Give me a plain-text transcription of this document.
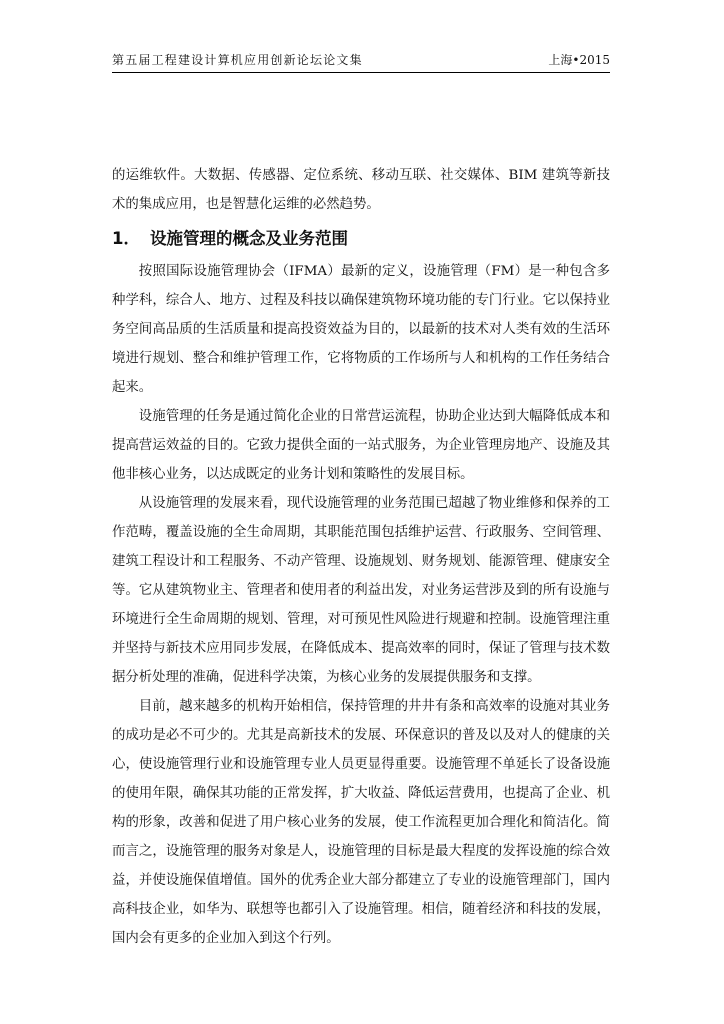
第五届工程建设计算机应用创新论坛论文集	上海•2015

的运维软件。大数据、传感器、定位系统、移动互联、社交媒体、BIM 建筑等新技术的集成应用，也是智慧化运维的必然趋势。

1． 设施管理的概念及业务范围

按照国际设施管理协会（IFMA）最新的定义，设施管理（FM）是一种包含多种学科，综合人、地方、过程及科技以确保建筑物环境功能的专门行业。它以保持业务空间高品质的生活质量和提高投资效益为目的，以最新的技术对人类有效的生活环境进行规划、整合和维护管理工作，它将物质的工作场所与人和机构的工作任务结合起来。

设施管理的任务是通过简化企业的日常营运流程，协助企业达到大幅降低成本和提高营运效益的目的。它致力提供全面的一站式服务，为企业管理房地产、设施及其他非核心业务，以达成既定的业务计划和策略性的发展目标。

从设施管理的发展来看，现代设施管理的业务范围已超越了物业维修和保养的工作范畴，覆盖设施的全生命周期，其职能范围包括维护运营、行政服务、空间管理、建筑工程设计和工程服务、不动产管理、设施规划、财务规划、能源管理、健康安全等。它从建筑物业主、管理者和使用者的利益出发，对业务运营涉及到的所有设施与环境进行全生命周期的规划、管理，对可预见性风险进行规避和控制。设施管理注重并坚持与新技术应用同步发展，在降低成本、提高效率的同时，保证了管理与技术数据分析处理的准确，促进科学决策，为核心业务的发展提供服务和支撑。

目前，越来越多的机构开始相信，保持管理的井井有条和高效率的设施对其业务的成功是必不可少的。尤其是高新技术的发展、环保意识的普及以及对人的健康的关心，使设施管理行业和设施管理专业人员更显得重要。设施管理不单延长了设备设施的使用年限，确保其功能的正常发挥，扩大收益、降低运营费用，也提高了企业、机构的形象，改善和促进了用户核心业务的发展，使工作流程更加合理化和简洁化。简而言之，设施管理的服务对象是人，设施管理的目标是最大程度的发挥设施的综合效益，并使设施保值增值。国外的优秀企业大部分都建立了专业的设施管理部门，国内高科技企业，如华为、联想等也都引入了设施管理。相信，随着经济和科技的发展，国内会有更多的企业加入到这个行列。
